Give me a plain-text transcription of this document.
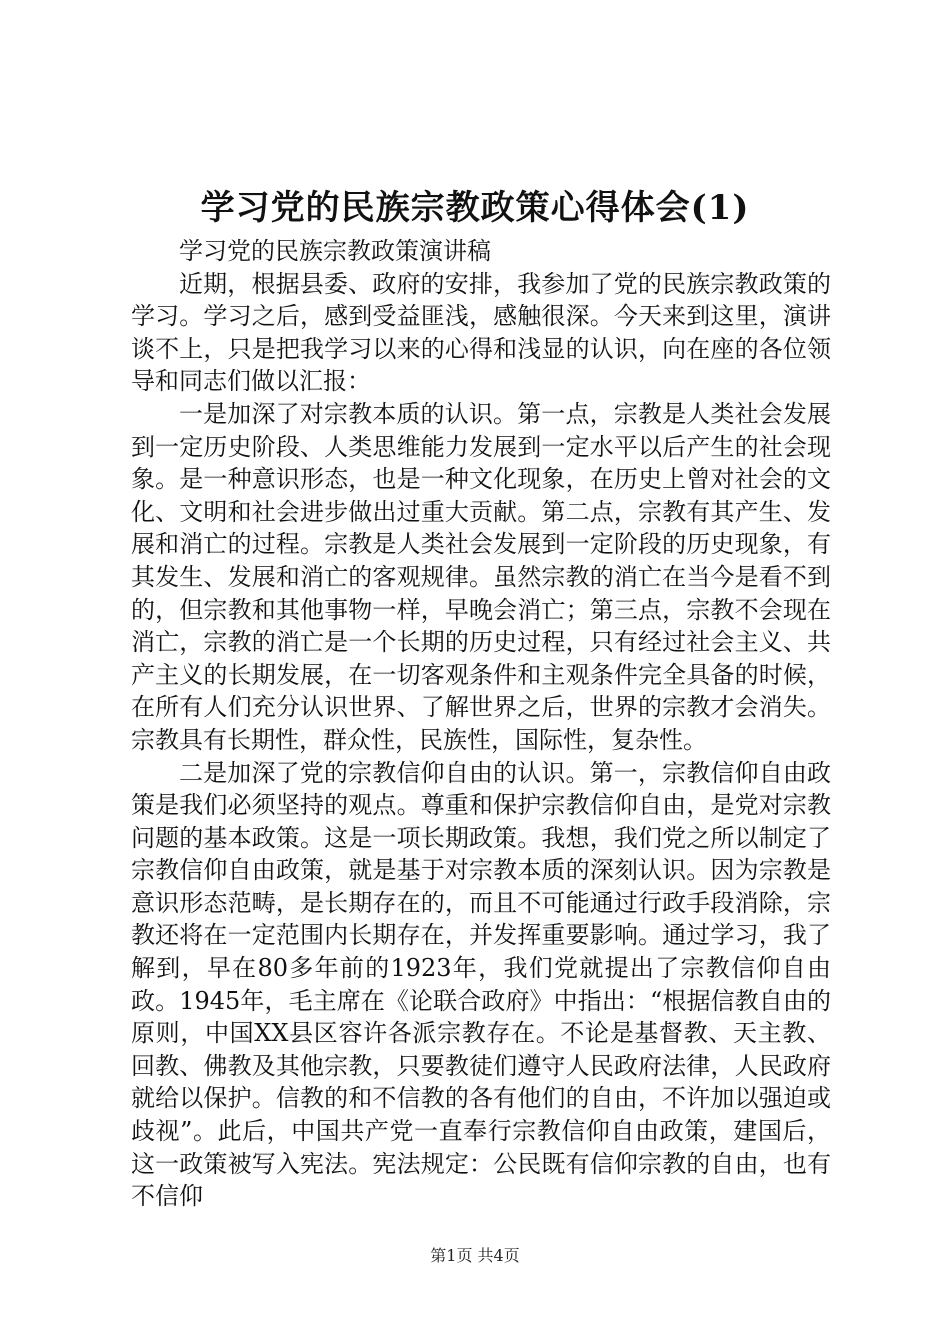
学习党的民族宗教政策心得体会(1)

学习党的民族宗教政策演讲稿

近期，根据县委、政府的安排，我参加了党的民族宗教政策的学习。学习之后，感到受益匪浅，感触很深。今天来到这里，演讲谈不上，只是把我学习以来的心得和浅显的认识，向在座的各位领导和同志们做以汇报：

一是加深了对宗教本质的认识。第一点，宗教是人类社会发展到一定历史阶段、人类思维能力发展到一定水平以后产生的社会现象。是一种意识形态，也是一种文化现象，在历史上曾对社会的文化、文明和社会进步做出过重大贡献。第二点，宗教有其产生、发展和消亡的过程。宗教是人类社会发展到一定阶段的历史现象，有其发生、发展和消亡的客观规律。虽然宗教的消亡在当今是看不到的，但宗教和其他事物一样，早晚会消亡；第三点，宗教不会现在消亡，宗教的消亡是一个长期的历史过程，只有经过社会主义、共产主义的长期发展，在一切客观条件和主观条件完全具备的时候，在所有人们充分认识世界、了解世界之后，世界的宗教才会消失。宗教具有长期性，群众性，民族性，国际性，复杂性。

二是加深了党的宗教信仰自由的认识。第一，宗教信仰自由政策是我们必须坚持的观点。尊重和保护宗教信仰自由，是党对宗教问题的基本政策。这是一项长期政策。我想，我们党之所以制定了宗教信仰自由政策，就是基于对宗教本质的深刻认识。因为宗教是意识形态范畴，是长期存在的，而且不可能通过行政手段消除，宗教还将在一定范围内长期存在，并发挥重要影响。通过学习，我了解到，早在80多年前的1923年，我们党就提出了宗教信仰自由政。1945年，毛主席在《论联合政府》中指出：“根据信教自由的原则，中国XX县区容许各派宗教存在。不论是基督教、天主教、回教、佛教及其他宗教，只要教徒们遵守人民政府法律，人民政府就给以保护。信教的和不信教的各有他们的自由，不许加以强迫或歧视”。此后，中国共产党一直奉行宗教信仰自由政策，建国后，这一政策被写入宪法。宪法规定：公民既有信仰宗教的自由，也有不信仰

第1页 共4页
